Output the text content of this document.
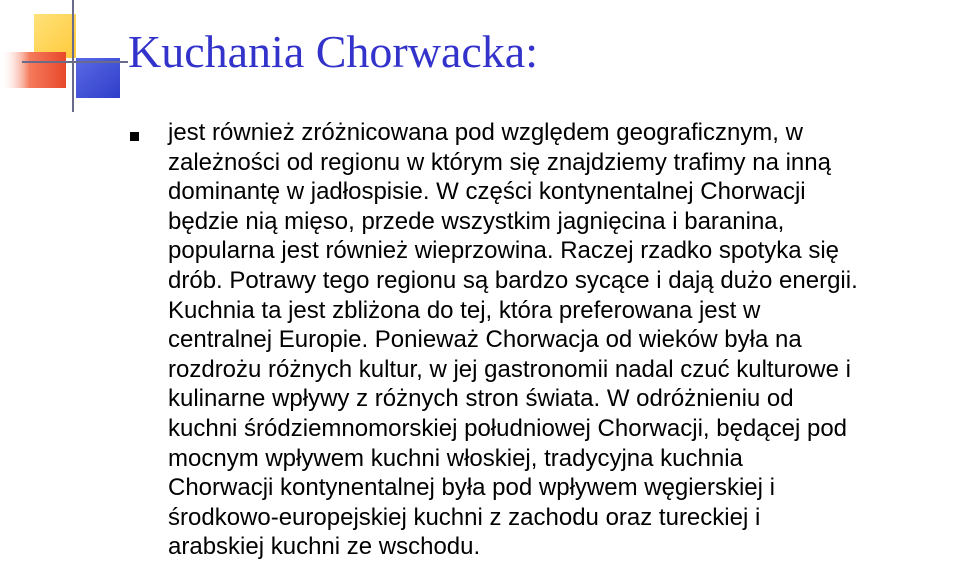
Kuchania Chorwacka:
jest również zróżnicowana pod względem geograficznym, w
zależności od regionu w którym się znajdziemy trafimy na inną
dominantę w jadłospisie. W części kontynentalnej Chorwacji
będzie nią mięso, przede wszystkim jagnięcina i baranina,
popularna jest również wieprzowina. Raczej rzadko spotyka się
drób. Potrawy tego regionu są bardzo sycące i dają dużo energii.
Kuchnia ta jest zbliżona do tej, która preferowana jest w
centralnej Europie. Ponieważ Chorwacja od wieków była na
rozdrożu różnych kultur, w jej gastronomii nadal czuć kulturowe i
kulinarne wpływy z różnych stron świata. W odróżnieniu od
kuchni śródziemnomorskiej południowej Chorwacji, będącej pod
mocnym wpływem kuchni włoskiej, tradycyjna kuchnia
Chorwacji kontynentalnej była pod wpływem węgierskiej i
środkowo-europejskiej kuchni z zachodu oraz tureckiej i
arabskiej kuchni ze wschodu.
